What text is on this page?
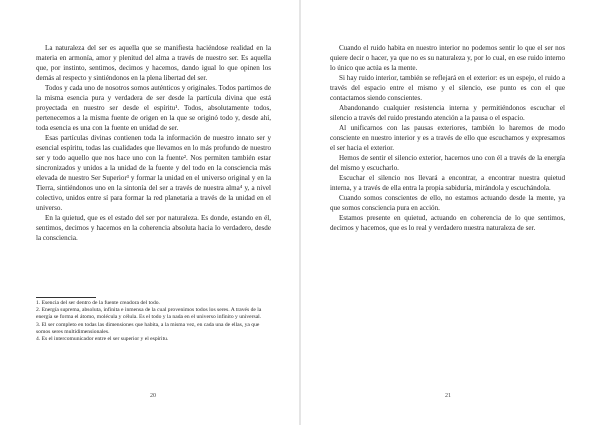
La naturaleza del ser es aquella que se manifiesta haciéndose realidad en la materia en armonía, amor y plenitud del alma a través de nuestro ser. Es aquella que, por instinto, sentimos, decimos y hacemos, dando igual lo que opinen los demás al respecto y sintiéndonos en la plena libertad del ser.

Todos y cada uno de nosotros somos auténticos y originales. Todos partimos de la misma esencia pura y verdadera de ser desde la partícula divina que está proyectada en nuestro ser desde el espíritu¹. Todos, absolutamente todos, pertenecemos a la misma fuente de origen en la que se originó todo y, desde ahí, toda esencia es una con la fuente en unidad de ser.

Esas partículas divinas contienen toda la información de nuestro innato ser y esencial espíritu, todas las cualidades que llevamos en lo más profundo de nuestro ser y todo aquello que nos hace uno con la fuente². Nos permiten también estar sincronizados y unidos a la unidad de la fuente y del todo en la consciencia más elevada de nuestro Ser Superior³ y formar la unidad en el universo original y en la Tierra, sintiéndonos uno en la sintonía del ser a través de nuestra alma⁴ y, a nivel colectivo, unidos entre sí para formar la red planetaria a través de la unidad en el universo.

En la quietud, que es el estado del ser por naturaleza. Es donde, estando en él, sentimos, decimos y hacemos en la coherencia absoluta hacia lo verdadero, desde la consciencia.

1. Esencia del ser dentro de la fuente creadora del todo.

2. Energía suprema, absoluta, infinita e inmensa de la cual provenimos todos los seres. A través de la energía se forma el átomo, molécula y célula. Es el todo y la nada en el universo infinito y universal.

3. El ser completo en todas las dimensiones que habita, a la misma vez, en cada una de ellas, ya que somos seres multidimensionales.

4. Es el intercomunicador entre el ser superior y el espíritu.

20

Cuando el ruido habita en nuestro interior no podemos sentir lo que el ser nos quiere decir o hacer, ya que no es su naturaleza y, por lo cual, en ese ruido interno lo único que actúa es la mente.

Si hay ruido interior, también se reflejará en el exterior: es un espejo, el ruido a través del espacio entre el mismo y el silencio, ese punto es con el que contactamos siendo conscientes.

Abandonando cualquier resistencia interna y permitiéndonos escuchar el silencio a través del ruido prestando atención a la pausa o el espacio.

Al unificarnos con las pausas exteriores, también lo haremos de modo consciente en nuestro interior y es a través de ello que escuchamos y expresamos el ser hacia el exterior.

Hemos de sentir el silencio exterior, hacernos uno con él a través de la energía del mismo y escucharlo.

Escuchar el silencio nos llevará a encontrar, a encontrar nuestra quietud interna, y a través de ella entra la propia sabiduría, mirándola y escuchándola.

Cuando somos conscientes de ello, no estamos actuando desde la mente, ya que somos consciencia pura en acción.

Estamos presente en quietud, actuando en coherencia de lo que sentimos, decimos y hacemos, que es lo real y verdadero nuestra naturaleza de ser.

21
